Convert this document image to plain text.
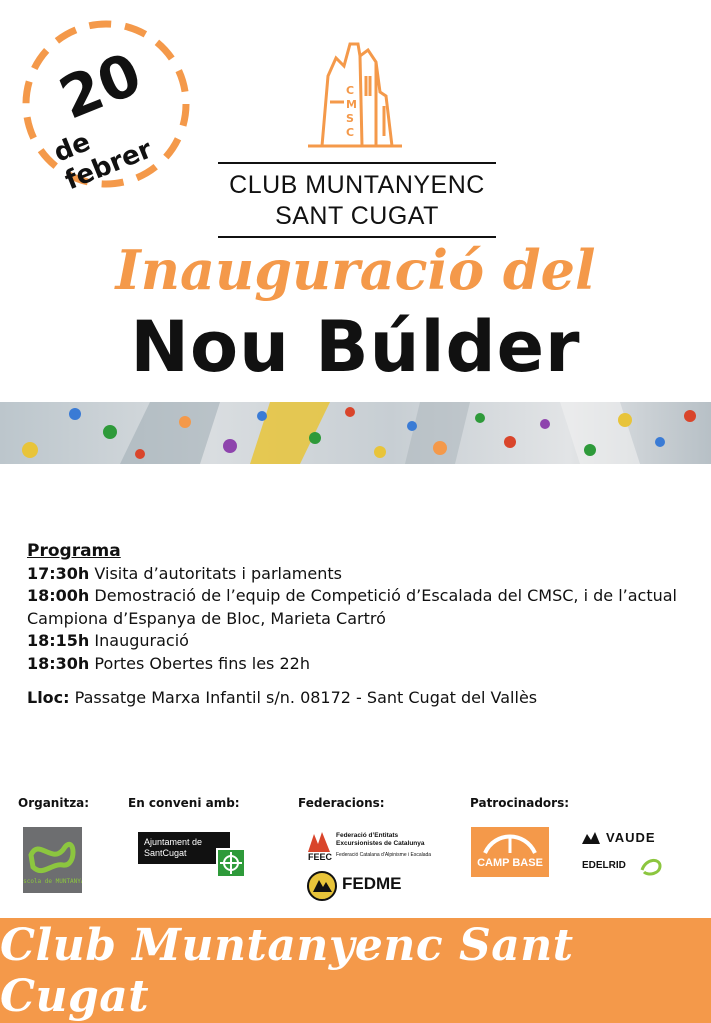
20
de febrer
C
M
S
C
CLUB MUNTANYENC
SANT CUGAT
Inauguració del
Nou Búlder
Programa
17:30h Visita d’autoritats i parlaments
18:00h Demostració de l’equip de Competició d’Escalada del CMSC, i de l’actual Campiona d’Espanya de Bloc, Marieta Cartró
18:15h Inauguració
18:30h Portes Obertes fins les 22h
Lloc: Passatge Marxa Infantil s/n. 08172 - Sant Cugat del Vallès
Organitza:	En conveni amb:	Federacions:	Patrocinadors:
escola de MUNTANYA
Ajuntament de SantCugat	FEEC
Federació d’Entitats Excursionistes de Catalunya
Federació Catalana d’Alpinisme i Escalada
FEDME
CAMP BASE
VAUDE
EDELRID
Club Muntanyenc Sant Cugat
